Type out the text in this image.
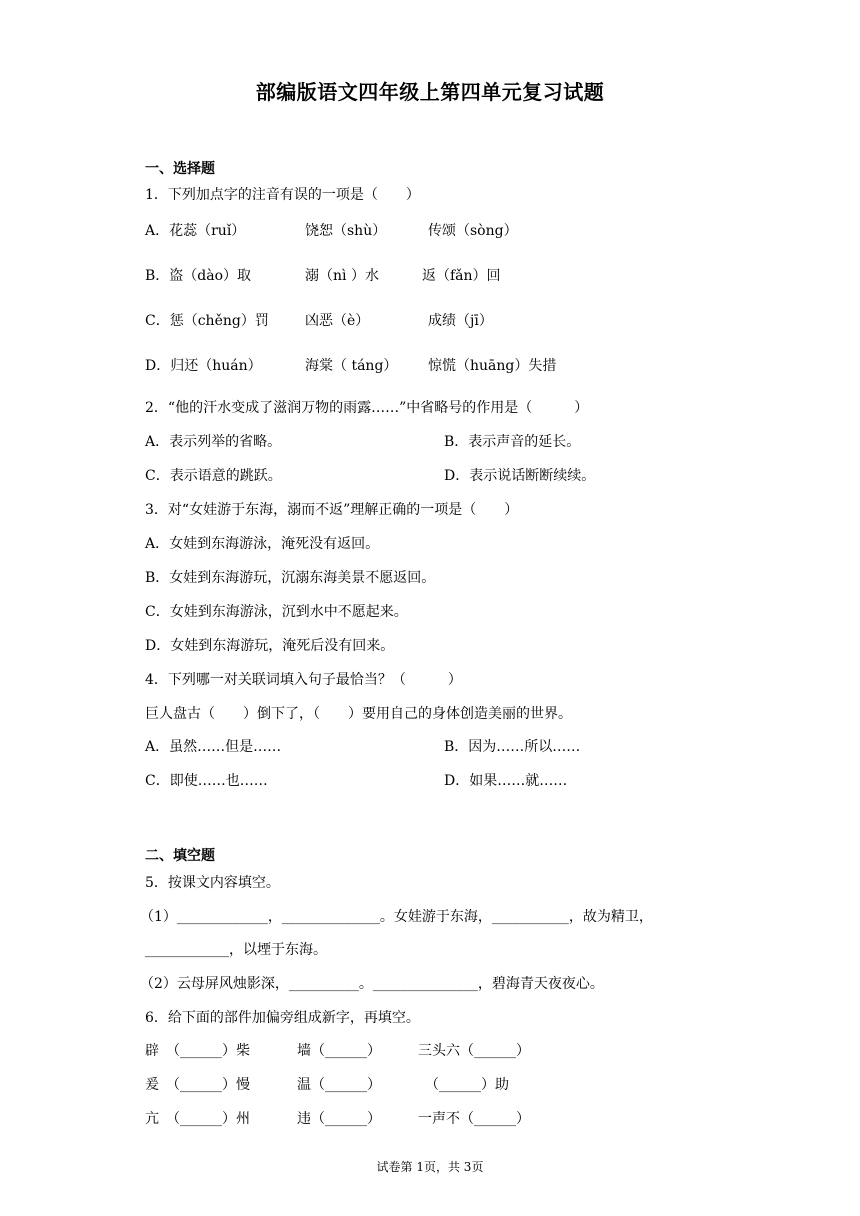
部编版语文四年级上第四单元复习试题
一、选择题
1．下列加点字的注音有误的一项是（　　）
A．花蕊（ruǐ）	饶恕（shù）	传颂（sòng）
B．盗（dào）取	溺（nì ）水	返（fǎn）回
C．惩（chěng）罚	凶恶（è）	成绩（jī）
D．归还（huán）	海棠（ táng） 惊慌（huāng）失措
2．“他的汗水变成了滋润万物的雨露……”中省略号的作用是（　　　）
A．表示列举的省略。	B．表示声音的延长。
C．表示语意的跳跃。	D．表示说话断断续续。
3．对“女娃游于东海，溺而不返”理解正确的一项是（　　）
A．女娃到东海游泳，淹死没有返回。
B．女娃到东海游玩，沉溺东海美景不愿返回。
C．女娃到东海游泳，沉到水中不愿起来。
D．女娃到东海游玩，淹死后没有回来。
4．下列哪一对关联词填入句子最恰当？（　　　）
巨人盘古（　　）倒下了，（　　）要用自己的身体创造美丽的世界。
A．虽然……但是……	B．因为……所以……
C．即使……也……	D．如果……就……
二、填空题
5．按课文内容填空。
（1）_____________，______________。女娃游于东海，___________，故为精卫，
____________，以堙于东海。
（2）云母屏风烛影深，__________。_______________，碧海青天夜夜心。
6．给下面的部件加偏旁组成新字，再填空。
辟　（______）柴	墙（______）	三头六（______）
爰　（______）慢	温（______）	　（______）助
亢　（______）州	违（______）	一声不（______）
试卷第 1页，共 3页
